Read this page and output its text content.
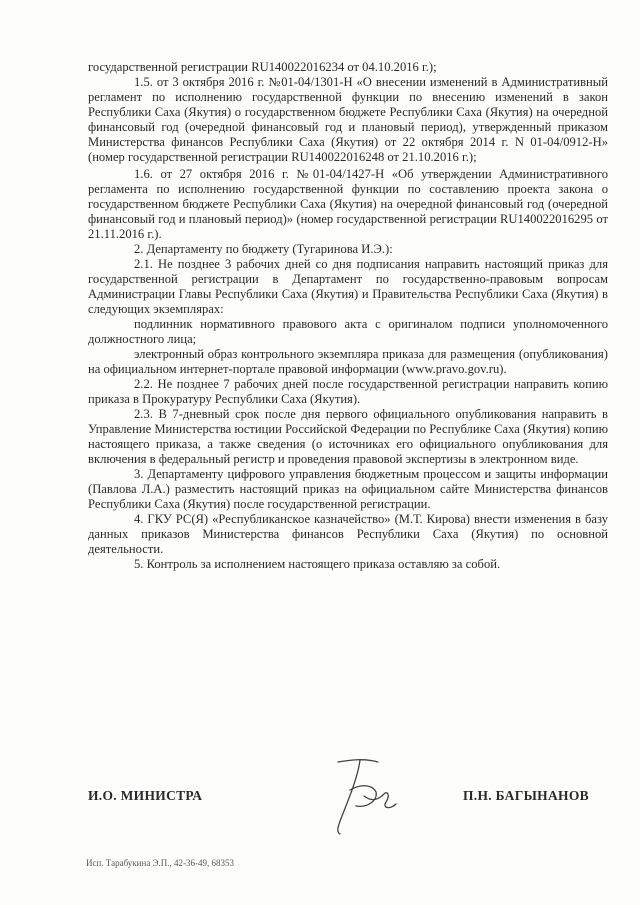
государственной регистрации RU140022016234 от 04.10.2016 г.);

1.5. от 3 октября 2016 г. №01-04/1301-Н «О внесении изменений в Административный регламент по исполнению государственной функции по внесению изменений в закон Республики Саха (Якутия) о государственном бюджете Республики Саха (Якутия) на очередной финансовый год (очередной финансовый год и плановый период), утвержденный приказом Министерства финансов Республики Саха (Якутия) от 22 октября 2014 г. N 01-04/0912-Н» (номер государственной регистрации RU140022016248 от 21.10.2016 г.);

1.6. от 27 октября 2016 г. №01-04/1427-Н «Об утверждении Административного регламента по исполнению государственной функции по составлению проекта закона о государственном бюджете Республики Саха (Якутия) на очередной финансовый год (очередной финансовый год и плановый период)» (номер государственной регистрации RU140022016295 от 21.11.2016 г.).

2. Департаменту по бюджету (Тугаринова И.Э.):

2.1. Не позднее 3 рабочих дней со дня подписания направить настоящий приказ для государственной регистрации в Департамент по государственно-правовым вопросам Администрации Главы Республики Саха (Якутия) и Правительства Республики Саха (Якутия) в следующих экземплярах:

подлинник нормативного правового акта с оригиналом подписи уполномоченного должностного лица;

электронный образ контрольного экземпляра приказа для размещения (опубликования) на официальном интернет-портале правовой информации (www.pravo.gov.ru).

2.2. Не позднее 7 рабочих дней после государственной регистрации направить копию приказа в Прокуратуру Республики Саха (Якутия).

2.3. В 7-дневный срок после дня первого официального опубликования направить в Управление Министерства юстиции Российской Федерации по Республике Саха (Якутия) копию настоящего приказа, а также сведения (о источниках его официального опубликования для включения в федеральный регистр и проведения правовой экспертизы в электронном виде.

3. Департаменту цифрового управления бюджетным процессом и защиты информации (Павлова Л.А.) разместить настоящий приказ на официальном сайте Министерства финансов Республики Саха (Якутия) после государственной регистрации.

4. ГКУ РС(Я) «Республиканское казначейство» (М.Т. Кирова) внести изменения в базу данных приказов Министерства финансов Республики Саха (Якутия) по основной деятельности.

5. Контроль за исполнением настоящего приказа оставляю за собой.

И.О. МИНИСТРА	П.Н. БАГЫНАНОВ
Исп. Тарабукина Э.П., 42-36-49, 68353
